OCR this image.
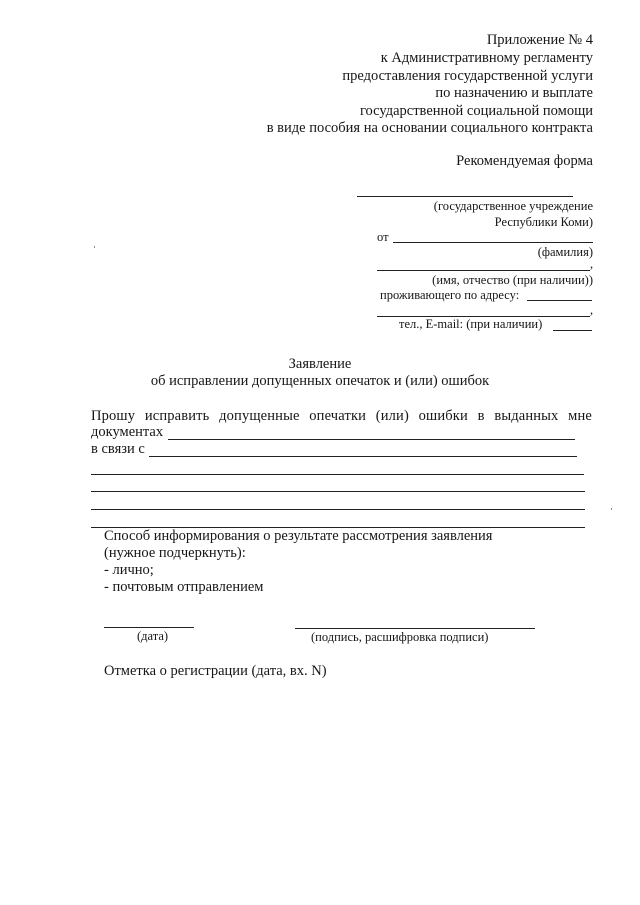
Приложение № 4
к Административному регламенту
предоставления государственной услуги
по назначению и выплате
государственной социальной помощи
в виде пособия на основании социального контракта
Рекомендуемая форма
(государственное учреждение
Республики Коми)
от
(фамилия)
,
(имя, отчество (при наличии))
проживающего по адресу:
,
тел., E-mail: (при наличии)
Заявление
об исправлении допущенных опечаток и (или) ошибок
Прошу исправить допущенные опечатки (или) ошибки в выданных мне
документах
в связи с
Способ информирования о результате рассмотрения заявления
(нужное подчеркнуть):
- лично;
- почтовым отправлением
(дата)	(подпись, расшифровка подписи)
Отметка о регистрации (дата, вх. N)
